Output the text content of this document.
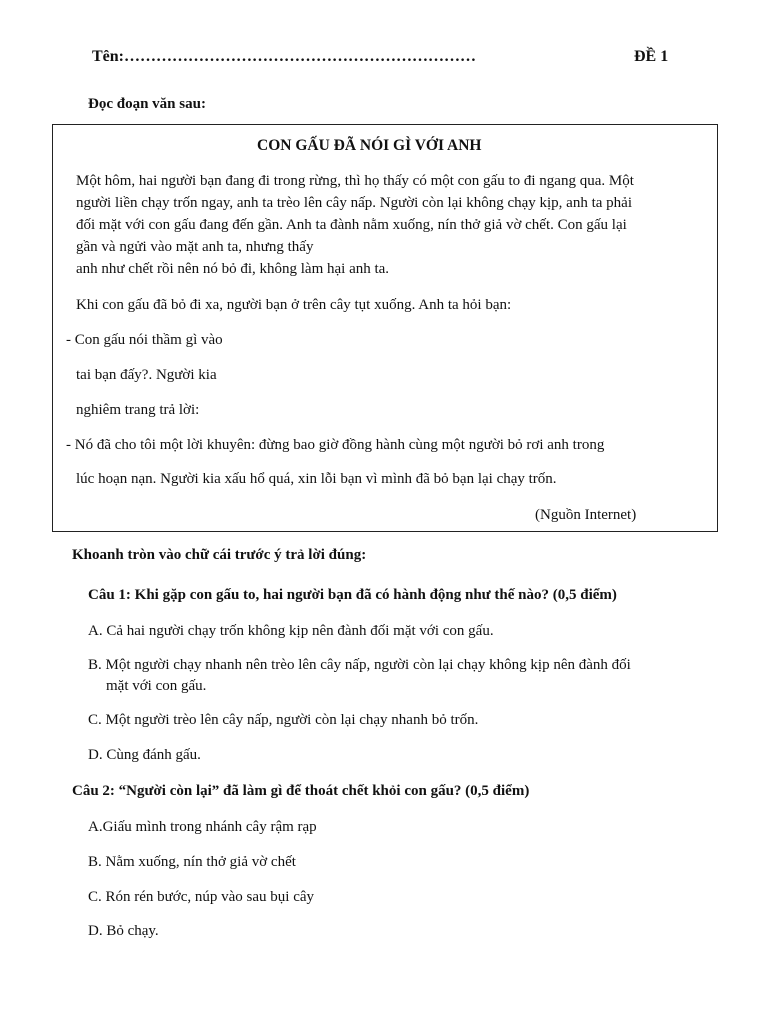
Tên:…………………………………………………………	ĐỀ 1
Đọc đoạn văn sau:
CON GẤU ĐÃ NÓI GÌ VỚI ANH
Một hôm, hai người bạn đang đi trong rừng, thì họ thấy có một con gấu to đi ngang qua. Một
người liền chạy trốn ngay, anh ta trèo lên cây nấp. Người còn lại không chạy kịp, anh ta phải
đối mặt với con gấu đang đến gần. Anh ta đành nằm xuống, nín thở giả vờ chết. Con gấu lại
gần và ngửi vào mặt anh ta, nhưng thấy
anh như chết rồi nên nó bỏ đi, không làm hại anh ta.
Khi con gấu đã bỏ đi xa, người bạn ở trên cây tụt xuống. Anh ta hỏi bạn:
- Con gấu nói thầm gì vào
tai bạn đấy?. Người kia
nghiêm trang trả lời:
- Nó đã cho tôi một lời khuyên: đừng bao giờ đồng hành cùng một người bỏ rơi anh trong
lúc hoạn nạn. Người kia xấu hổ quá, xin lỗi bạn vì mình đã bỏ bạn lại chạy trốn.
(Nguồn Internet)
Khoanh tròn vào chữ cái trước ý trả lời đúng:
Câu 1: Khi gặp con gấu to, hai người bạn đã có hành động như thế nào? (0,5 điểm)
A. Cả hai người chạy trốn không kịp nên đành đối mặt với con gấu.
B. Một người chạy nhanh nên trèo lên cây nấp, người còn lại chạy không kịp nên đành đối
mặt với con gấu.
C. Một người trèo lên cây nấp, người còn lại chạy nhanh bỏ trốn.
D. Cùng đánh gấu.
Câu 2: “Người còn lại” đã làm gì để thoát chết khỏi con gấu? (0,5 điểm)
A.Giấu mình trong nhánh cây rậm rạp
B. Nằm xuống, nín thở giả vờ chết
C. Rón rén bước, núp vào sau bụi cây
D. Bỏ chạy.
